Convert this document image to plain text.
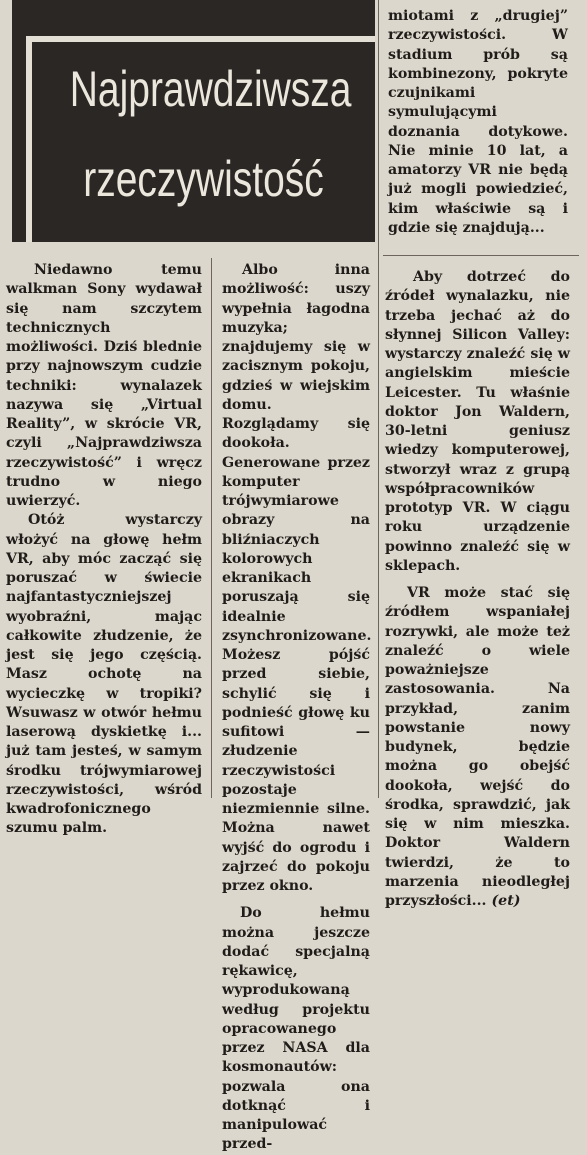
Najprawdziwsza
rzeczywistość

miotami z „drugiej” rzeczywistości. W stadium prób są kombinezony, pokryte czujnikami symulującymi doznania dotykowe. Nie minie 10 lat, a amatorzy VR nie będą już mogli powiedzieć, kim właściwie są i gdzie się znajdują...

Niedawno temu walkman Sony wydawał się nam szczytem technicznych możliwości. Dziś blednie przy najnowszym cudzie techniki: wynalazek nazywa się „Virtual Reality”, w skrócie VR, czyli „Najprawdziwsza rzeczywistość” i wręcz trudno w niego uwierzyć.

Otóż wystarczy włożyć na głowę hełm VR, aby móc zacząć się poruszać w świecie najfantastyczniejszej wyobraźni, mając całkowite złudzenie, że jest się jego częścią. Masz ochotę na wycieczkę w tropiki? Wsuwasz w otwór hełmu laserową dyskietkę i... już tam jesteś, w samym środku trójwymiarowej rzeczywistości, wśród kwadrofonicznego szumu palm.

Albo inna możliwość: uszy wypełnia łagodna muzyka; znajdujemy się w zacisznym pokoju, gdzieś w wiejskim domu. Rozglądamy się dookoła. Generowane przez komputer trójwymiarowe obrazy na bliźniaczych kolorowych ekranikach poruszają się idealnie zsynchronizowane. Możesz pójść przed siebie, schylić się i podnieść głowę ku sufitowi — złudzenie rzeczywistości pozostaje niezmiennie silne. Można nawet wyjść do ogrodu i zajrzeć do pokoju przez okno.

Do hełmu można jeszcze dodać specjalną rękawicę, wyprodukowaną według projektu opracowanego przez NASA dla kosmonautów: pozwala ona dotknąć i manipulować przed-

Aby dotrzeć do źródeł wynalazku, nie trzeba jechać aż do słynnej Silicon Valley: wystarczy znaleźć się w angielskim mieście Leicester. Tu właśnie doktor Jon Waldern, 30-letni geniusz wiedzy komputerowej, stworzył wraz z grupą współpracowników prototyp VR. W ciągu roku urządzenie powinno znaleźć się w sklepach.

VR może stać się źródłem wspaniałej rozrywki, ale może też znaleźć o wiele poważniejsze zastosowania. Na przykład, zanim powstanie nowy budynek, będzie można go obejść dookoła, wejść do środka, sprawdzić, jak się w nim mieszka. Doktor Waldern twierdzi, że to marzenia nieodległej przyszłości... (et)
